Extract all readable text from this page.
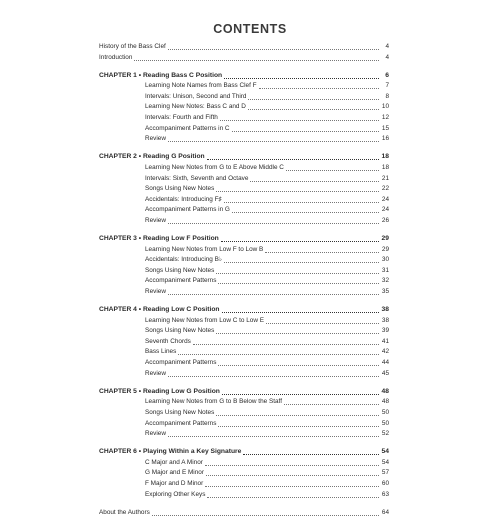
CONTENTS
History of the Bass Clef	4
Introduction	4
CHAPTER 1 • Reading Bass C Position	6
Learning Note Names from Bass Clef F	7
Intervals: Unison, Second and Third	8
Learning New Notes: Bass C and D	10
Intervals: Fourth and Fifth	12
Accompaniment Patterns in C	15
Review	16
CHAPTER 2 • Reading G Position	18
Learning New Notes from G to E Above Middle C	18
Intervals: Sixth, Seventh and Octave	21
Songs Using New Notes	22
Accidentals: Introducing F♯	24
Accompaniment Patterns in G	24
Review	26
CHAPTER 3 • Reading Low F Position	29
Learning New Notes from Low F to Low B	29
Accidentals: Introducing B♭	30
Songs Using New Notes	31
Accompaniment Patterns	32
Review	35
CHAPTER 4 • Reading Low C Position	38
Learning New Notes from Low C to Low E	38
Songs Using New Notes	39
Seventh Chords	41
Bass Lines	42
Accompaniment Patterns	44
Review	45
CHAPTER 5 • Reading Low G Position	48
Learning New Notes from G to B Below the Staff	48
Songs Using New Notes	50
Accompaniment Patterns	50
Review	52
CHAPTER 6 • Playing Within a Key Signature	54
C Major and A Minor	54
G Major and E Minor	57
F Major and D Minor	60
Exploring Other Keys	63
About the Authors	64
